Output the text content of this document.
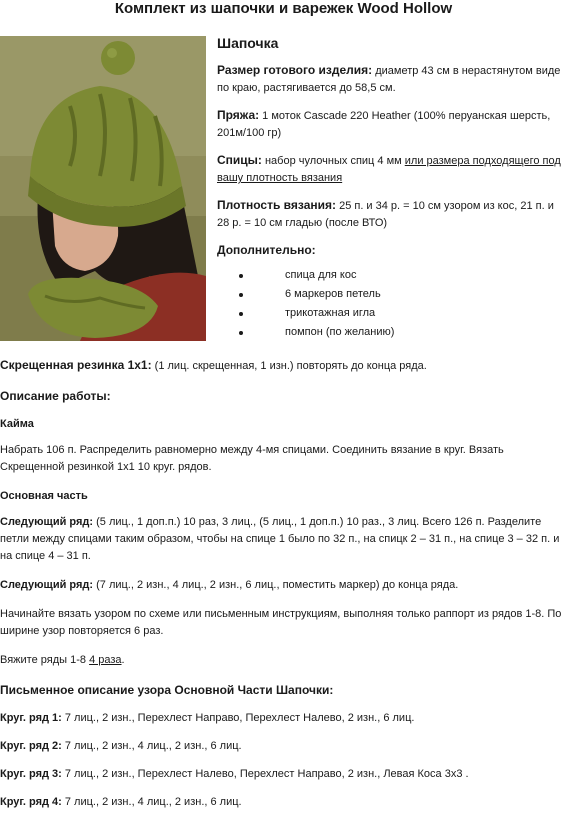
Комплект из шапочки и варежек Wood Hollow
Шапочка

Размер готового изделия: диаметр 43 см в нерастянутом виде по краю, растягивается до 58,5 см.

Пряжа: 1 моток Cascade 220 Heather (100% перуанская шерсть, 201м/100 гр)

Спицы: набор чулочных спиц 4 мм или размера подходящего под вашу плотность вязания

Плотность вязания: 25 п. и 34 р. = 10 см узором из кос, 21 п. и 28 р. = 10 см гладью (после ВТО)

Дополнительно:
спица для кос
6 маркеров петель
трикотажная игла
помпон (по желанию)

Скрещенная резинка 1х1: (1 лиц. скрещенная, 1 изн.) повторять до конца ряда.

Описание работы:
Кайма

Набрать 106 п. Распределить равномерно между 4-мя спицами. Соединить вязание в круг. Вязать Скрещенной резинкой 1х1 10 круг. рядов.

Основная часть

Следующий ряд: (5 лиц., 1 доп.п.) 10 раз, 3 лиц., (5 лиц., 1 доп.п.) 10 раз., 3 лиц. Всего 126 п. Разделите петли между спицами таким образом, чтобы на спице 1 было по 32 п., на спицк 2 – 31 п., на спице 3 – 32 п. и на спице 4 – 31 п.

Следующий ряд: (7 лиц., 2 изн., 4 лиц., 2 изн., 6 лиц., поместить маркер) до конца ряда.

Начинайте вязать узором по схеме или письменным инструкциям, выполняя только раппорт из рядов 1-8. По ширине узор повторяется 6 раз.

Вяжите ряды 1-8 4 раза.

Письменное описание узора Основной Части Шапочки:
Круг. ряд 1: 7 лиц., 2 изн., Перехлест Направо, Перехлест Налево, 2 изн., 6 лиц.
Круг. ряд 2: 7 лиц., 2 изн., 4 лиц., 2 изн., 6 лиц.
Круг. ряд 3: 7 лиц., 2 изн., Перехлест Налево, Перехлест Направо, 2 изн., Левая Коса 3х3 .
Круг. ряд 4: 7 лиц., 2 изн., 4 лиц., 2 изн., 6 лиц.
